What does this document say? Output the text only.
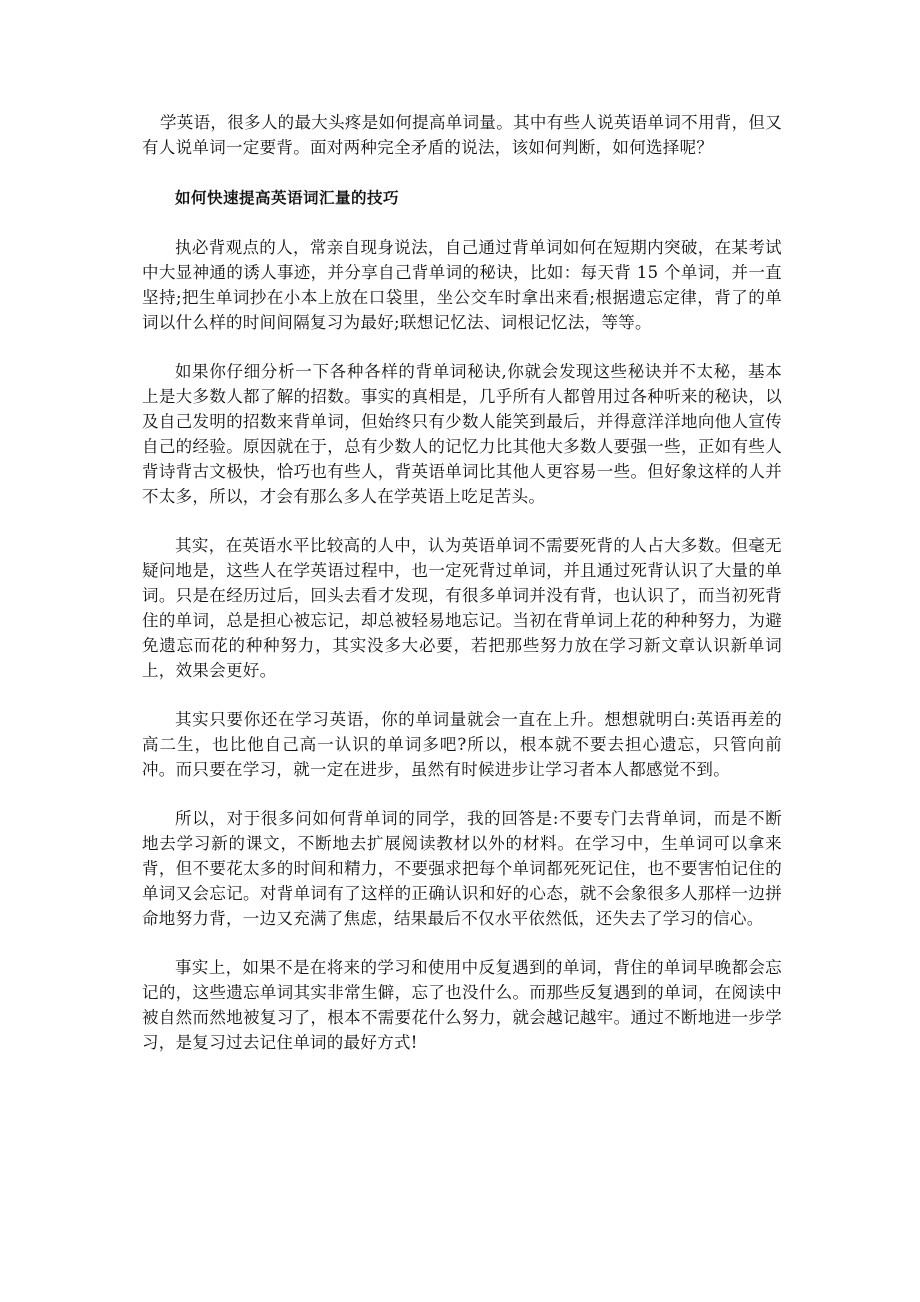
学英语，很多人的最大头疼是如何提高单词量。其中有些人说英语单词不用背，但又有人说单词一定要背。面对两种完全矛盾的说法，该如何判断，如何选择呢？

如何快速提高英语词汇量的技巧

执必背观点的人，常亲自现身说法，自己通过背单词如何在短期内突破，在某考试中大显神通的诱人事迹，并分享自己背单词的秘诀，比如：每天背 15 个单词，并一直坚持;把生单词抄在小本上放在口袋里，坐公交车时拿出来看;根据遗忘定律，背了的单词以什么样的时间间隔复习为最好;联想记忆法、词根记忆法，等等。

如果你仔细分析一下各种各样的背单词秘诀,你就会发现这些秘诀并不太秘，基本上是大多数人都了解的招数。事实的真相是，几乎所有人都曾用过各种听来的秘诀，以及自己发明的招数来背单词，但始终只有少数人能笑到最后，并得意洋洋地向他人宣传自己的经验。原因就在于，总有少数人的记忆力比其他大多数人要强一些，正如有些人背诗背古文极快，恰巧也有些人，背英语单词比其他人更容易一些。但好象这样的人并不太多，所以，才会有那么多人在学英语上吃足苦头。

其实，在英语水平比较高的人中，认为英语单词不需要死背的人占大多数。但毫无疑问地是，这些人在学英语过程中，也一定死背过单词，并且通过死背认识了大量的单词。只是在经历过后，回头去看才发现，有很多单词并没有背，也认识了，而当初死背住的单词，总是担心被忘记，却总被轻易地忘记。当初在背单词上花的种种努力，为避免遗忘而花的种种努力，其实没多大必要，若把那些努力放在学习新文章认识新单词上，效果会更好。

其实只要你还在学习英语，你的单词量就会一直在上升。想想就明白:英语再差的高二生，也比他自己高一认识的单词多吧?所以，根本就不要去担心遗忘，只管向前冲。而只要在学习，就一定在进步，虽然有时候进步让学习者本人都感觉不到。

所以，对于很多问如何背单词的同学，我的回答是:不要专门去背单词，而是不断地去学习新的课文，不断地去扩展阅读教材以外的材料。在学习中，生单词可以拿来背，但不要花太多的时间和精力，不要强求把每个单词都死死记住，也不要害怕记住的单词又会忘记。对背单词有了这样的正确认识和好的心态，就不会象很多人那样一边拼命地努力背，一边又充满了焦虑，结果最后不仅水平依然低，还失去了学习的信心。

事实上，如果不是在将来的学习和使用中反复遇到的单词，背住的单词早晚都会忘记的，这些遗忘单词其实非常生僻，忘了也没什么。而那些反复遇到的单词，在阅读中被自然而然地被复习了，根本不需要花什么努力，就会越记越牢。通过不断地进一步学习，是复习过去记住单词的最好方式!
